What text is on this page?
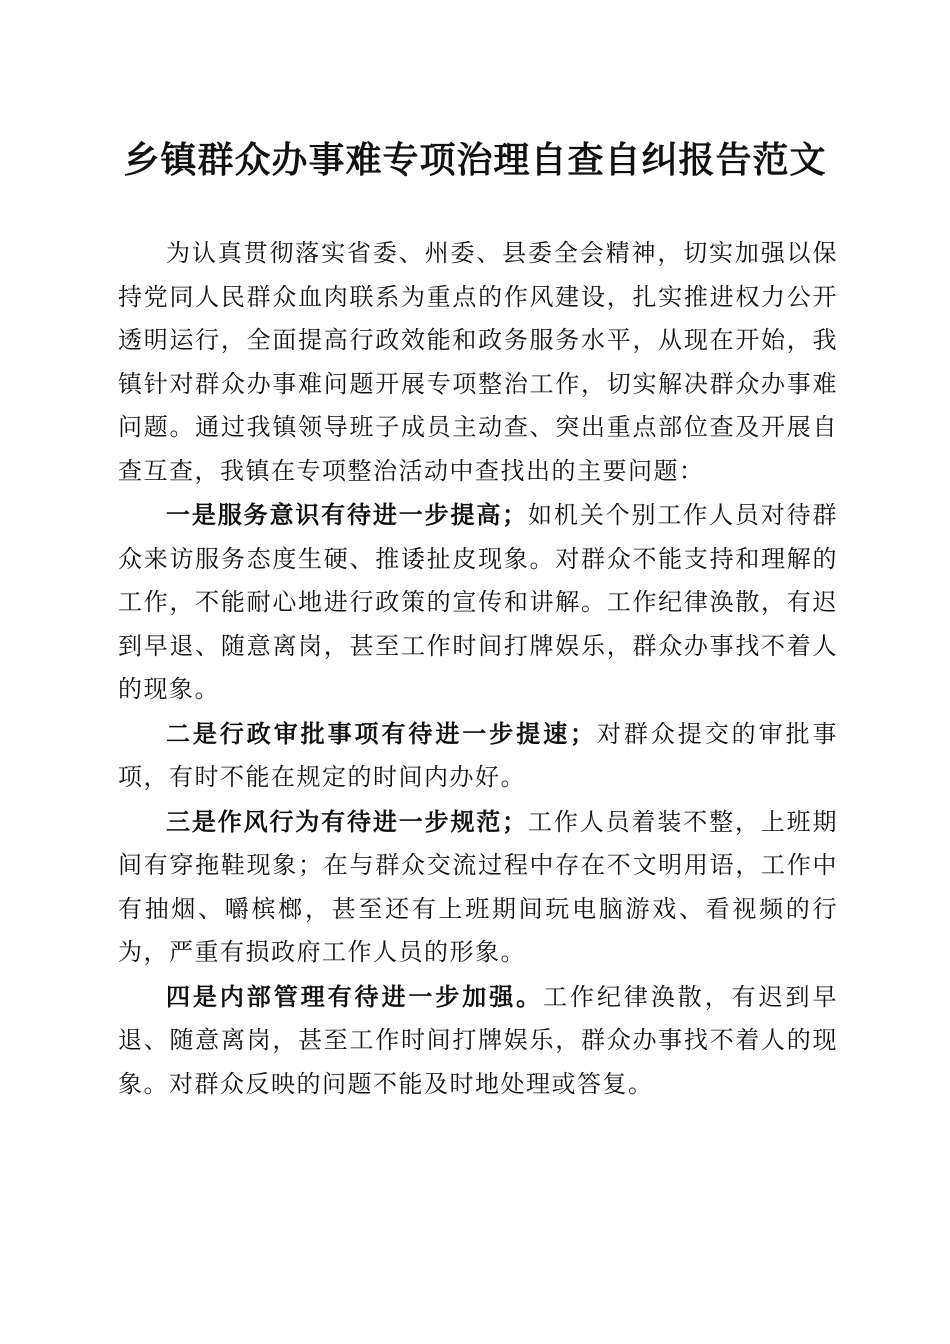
乡镇群众办事难专项治理自查自纠报告范文

为认真贯彻落实省委、州委、县委全会精神，切实加强以保持党同人民群众血肉联系为重点的作风建设，扎实推进权力公开透明运行，全面提高行政效能和政务服务水平，从现在开始，我镇针对群众办事难问题开展专项整治工作，切实解决群众办事难问题。通过我镇领导班子成员主动查、突出重点部位查及开展自查互查，我镇在专项整治活动中查找出的主要问题：

一是服务意识有待进一步提高；如机关个别工作人员对待群众来访服务态度生硬、推诿扯皮现象。对群众不能支持和理解的工作，不能耐心地进行政策的宣传和讲解。工作纪律涣散，有迟到早退、随意离岗，甚至工作时间打牌娱乐，群众办事找不着人的现象。

二是行政审批事项有待进一步提速；对群众提交的审批事项，有时不能在规定的时间内办好。

三是作风行为有待进一步规范；工作人员着装不整，上班期间有穿拖鞋现象；在与群众交流过程中存在不文明用语，工作中有抽烟、嚼槟榔，甚至还有上班期间玩电脑游戏、看视频的行为，严重有损政府工作人员的形象。

四是内部管理有待进一步加强。工作纪律涣散，有迟到早退、随意离岗，甚至工作时间打牌娱乐，群众办事找不着人的现象。对群众反映的问题不能及时地处理或答复。
